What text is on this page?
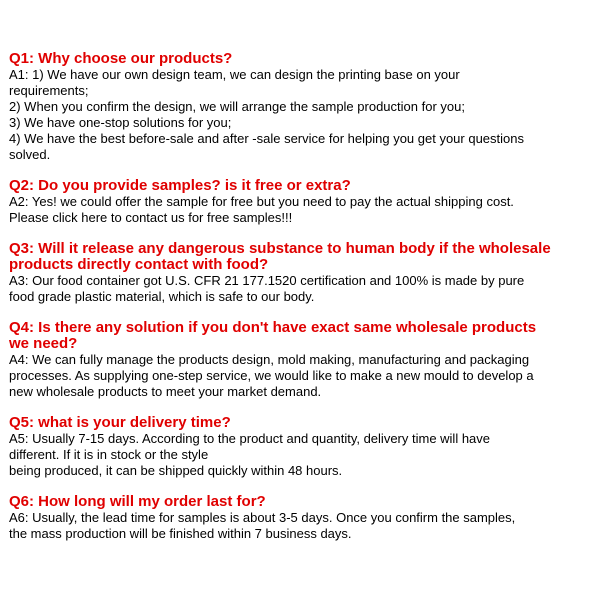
Q1: Why choose our products?
A1: 1) We have our own design team, we can design the printing base on your
requirements;
2) When you confirm the design, we will arrange the sample production for you;
3) We have one-stop solutions for you;
4) We have the best before-sale and after -sale service for helping you get your questions
solved.
Q2: Do you provide samples? is it free or extra?
A2: Yes! we could offer the sample for free but you need to pay the actual shipping cost.
Please click here to contact us for free samples!!!
Q3: Will it release any dangerous substance to human body if the wholesale
products directly contact with food?
A3: Our food container got U.S. CFR 21 177.1520 certification and 100% is made by pure
food grade plastic material, which is safe to our body.
Q4: Is there any solution if you don't have exact same wholesale products
we need?
A4: We can fully manage the products design, mold making, manufacturing and packaging
processes. As supplying one-step service, we would like to make a new mould to develop a
new wholesale products to meet your market demand.
Q5: what is your delivery time?
A5: Usually 7-15 days. According to the product and quantity, delivery time will have
different. If it is in stock or the style
being produced, it can be shipped quickly within 48 hours.
Q6: How long will my order last for?
A6: Usually, the lead time for samples is about 3-5 days. Once you confirm the samples,
the mass production will be finished within 7 business days.
